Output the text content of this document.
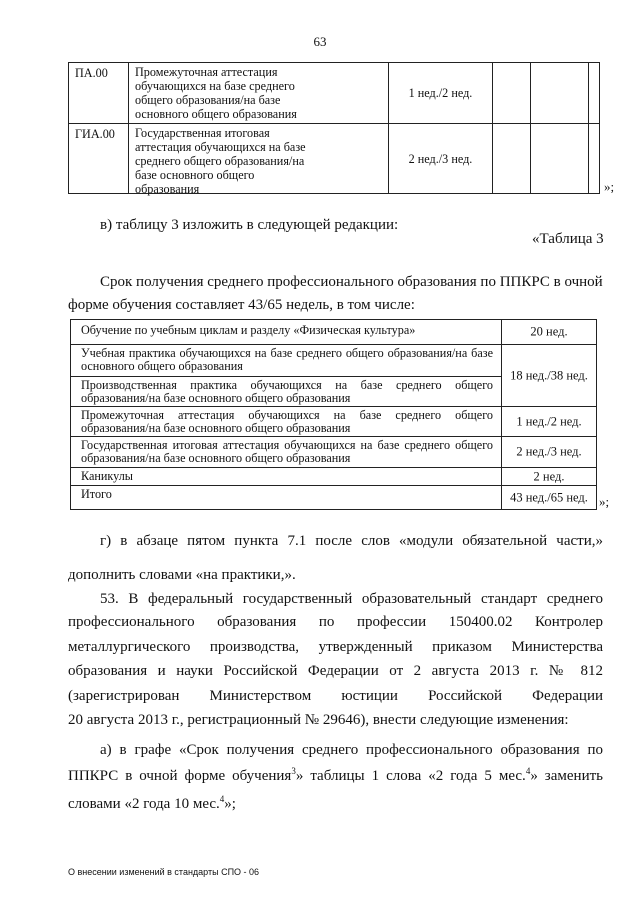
63
ПА.00	Промежуточная аттестация
обучающихся на базе среднего
общего образования/на базе
основного общего образования
1 нед./2 нед.
ГИА.00	Государственная итоговая
аттестация обучающихся на базе
среднего общего образования/на
базе основного общего
образования
2 нед./3 нед.
»;
в) таблицу 3 изложить в следующей редакции:
«Таблица 3
Срок получения среднего профессионального образования по ППКРС в очной
форме обучения составляет 43/65 недель, в том числе:
Обучение по учебным циклам и разделу «Физическая культура»
Учебная практика обучающихся на базе среднего общего образования/на базе основного общего образования
Производственная практика обучающихся на базе среднего общего образования/на базе основного общего образования
Промежуточная аттестация обучающихся на базе среднего общего образования/на базе основного общего образования
Государственная итоговая аттестация обучающихся на базе среднего общего образования/на базе основного общего образования
Каникулы
Итого
20 нед.
18 нед./38 нед.
1 нед./2 нед.
2 нед./3 нед.
2 нед.
43 нед./65 нед. »;
г) в абзаце пятом пункта 7.1 после слов «модули обязательной части,»
дополнить словами «на практики,».
53. В федеральный государственный образовательный стандарт среднего
профессионального образования по профессии 150400.02 Контролер
металлургического производства, утвержденный приказом Министерства
образования и науки Российской Федерации от 2 августа 2013 г. № 812
(зарегистрирован Министерством юстиции Российской Федерации
20 августа 2013 г., регистрационный № 29646), внести следующие изменения:
а) в графе «Срок получения среднего профессионального образования по
ППКРС в очной форме обучения$^3$» таблицы 1 слова «2 года 5 мес.$^4$» заменить
словами «2 года 10 мес.$^4$»;
О внесении изменений в стандарты СПО - 06
